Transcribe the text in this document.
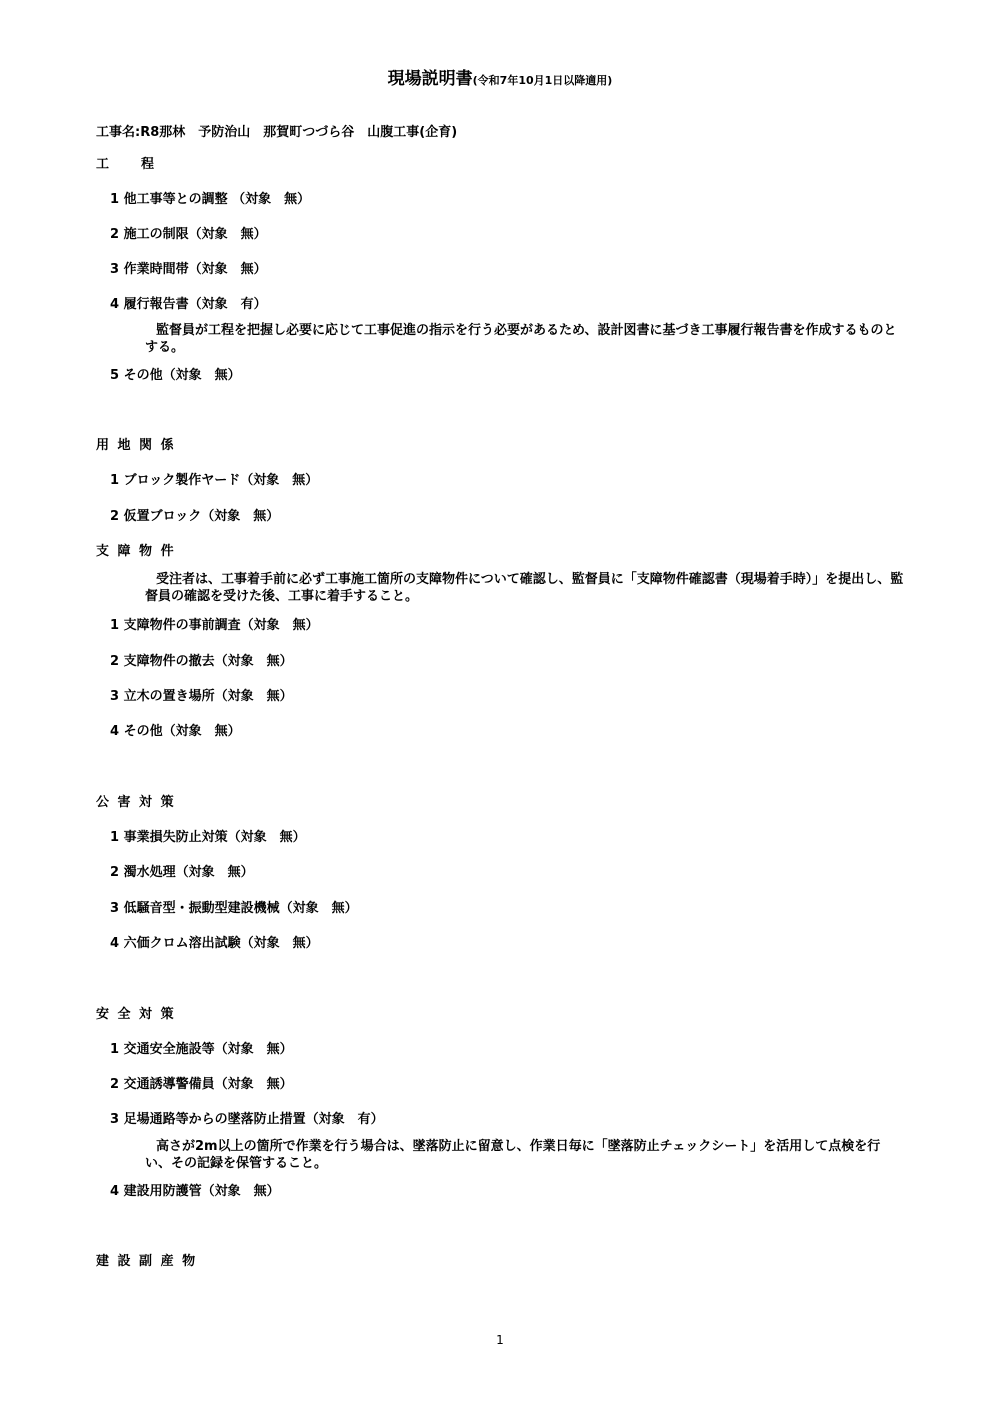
現場説明書(令和7年10月1日以降適用)
工事名:R8那林　予防治山　那賀町つづら谷　山腹工事(企育)
工　　程
1 他工事等との調整 （対象　無）
2 施工の制限（対象　無）
3 作業時間帯（対象　無）
4 履行報告書（対象　有）
監督員が工程を把握し必要に応じて工事促進の指示を行う必要があるため、設計図書に基づき工事履行報告書を作成するものとする。
5 その他（対象　無）
用 地 関 係
1 ブロック製作ヤード（対象　無）
2 仮置ブロック（対象　無）
支 障 物 件
受注者は、工事着手前に必ず工事施工箇所の支障物件について確認し、監督員に「支障物件確認書（現場着手時）」を提出し、監督員の確認を受けた後、工事に着手すること。
1 支障物件の事前調査（対象　無）
2 支障物件の撤去（対象　無）
3 立木の置き場所（対象　無）
4 その他（対象　無）
公 害 対 策
1 事業損失防止対策（対象　無）
2 濁水処理（対象　無）
3 低騒音型・振動型建設機械（対象　無）
4 六価クロム溶出試験（対象　無）
安 全 対 策
1 交通安全施設等（対象　無）
2 交通誘導警備員（対象　無）
3 足場通路等からの墜落防止措置（対象　有）
高さが2m以上の箇所で作業を行う場合は、墜落防止に留意し、作業日毎に「墜落防止チェックシート」を活用して点検を行い、その記録を保管すること。
4 建設用防護管（対象　無）
建 設 副 産 物
1
